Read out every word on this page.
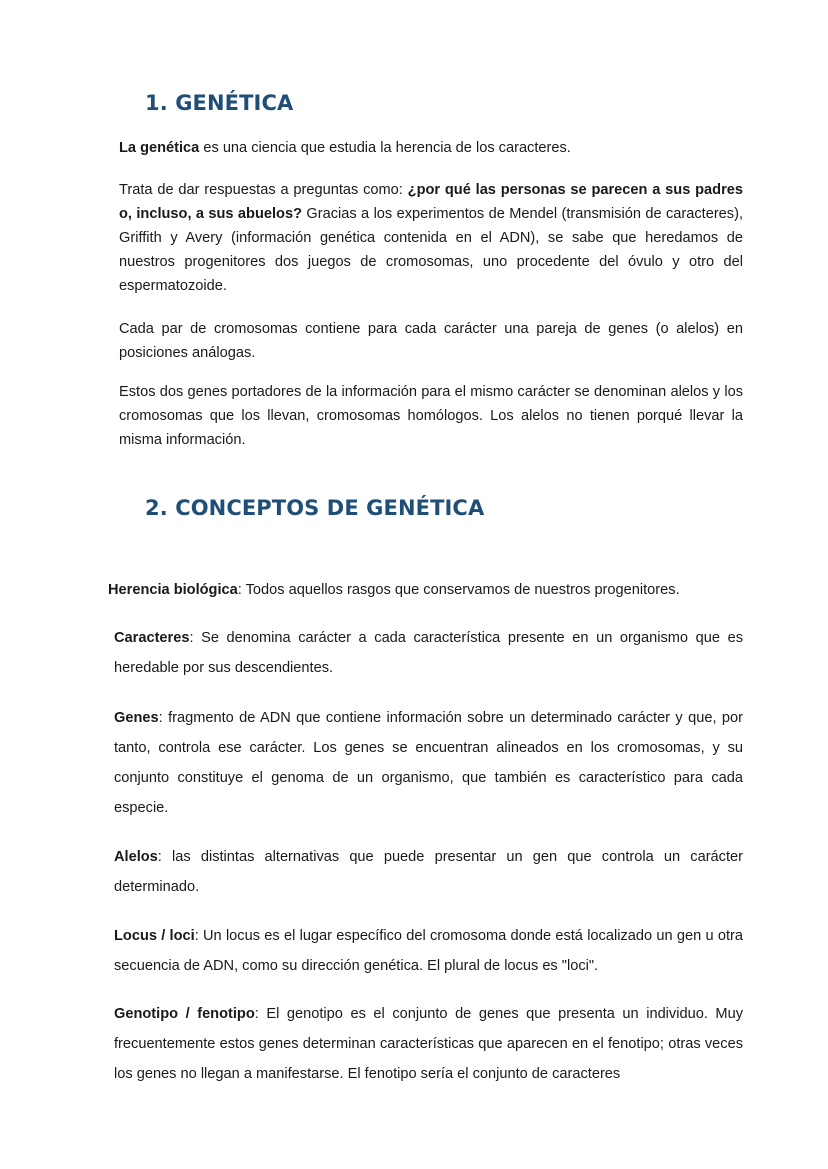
1. GENÉTICA

La genética es una ciencia que estudia la herencia de los caracteres.

Trata de dar respuestas a preguntas como: ¿por qué las personas se parecen a sus padres o, incluso, a sus abuelos? Gracias a los experimentos de Mendel (transmisión de caracteres), Griffith y Avery (información genética contenida en el ADN), se sabe que heredamos de nuestros progenitores dos juegos de cromosomas, uno procedente del óvulo y otro del espermatozoide.

Cada par de cromosomas contiene para cada carácter una pareja de genes (o alelos) en posiciones análogas.

Estos dos genes portadores de la información para el mismo carácter se denominan alelos y los cromosomas que los llevan, cromosomas homólogos. Los alelos no tienen porqué llevar la misma información.

2. CONCEPTOS DE GENÉTICA

Herencia biológica: Todos aquellos rasgos que conservamos de nuestros progenitores.

Caracteres: Se denomina carácter a cada característica presente en un organismo que es heredable por sus descendientes.

Genes: fragmento de ADN que contiene información sobre un determinado carácter y que, por tanto, controla ese carácter. Los genes se encuentran alineados en los cromosomas, y su conjunto constituye el genoma de un organismo, que también es característico para cada especie.

Alelos: las distintas alternativas que puede presentar un gen que controla un carácter determinado.

Locus / loci: Un locus es el lugar específico del cromosoma donde está localizado un gen u otra secuencia de ADN, como su dirección genética. El plural de locus es "loci".

Genotipo / fenotipo: El genotipo es el conjunto de genes que presenta un individuo. Muy frecuentemente estos genes determinan características que aparecen en el fenotipo; otras veces los genes no llegan a manifestarse. El fenotipo sería el conjunto de caracteres
